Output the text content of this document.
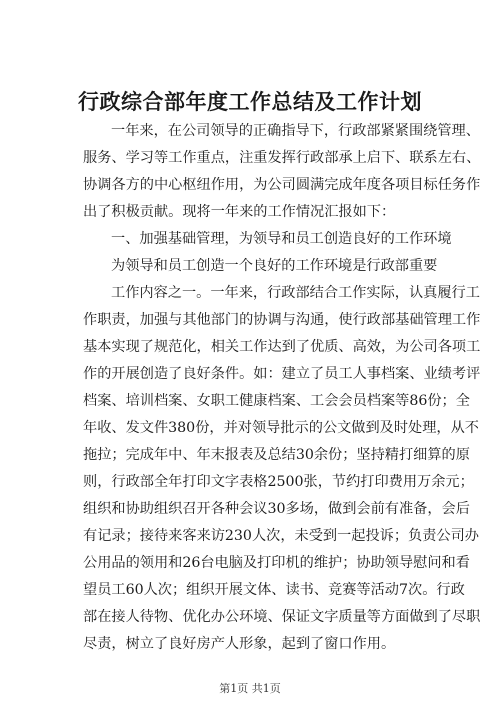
行政综合部年度工作总结及工作计划
一年来，在公司领导的正确指导下，行政部紧紧围绕管理、
服务、学习等工作重点，注重发挥行政部承上启下、联系左右、
协调各方的中心枢纽作用，为公司圆满完成年度各项目标任务作
出了积极贡献。现将一年来的工作情况汇报如下：
一、加强基础管理，为领导和员工创造良好的工作环境
为领导和员工创造一个良好的工作环境是行政部重要
工作内容之一。一年来，行政部结合工作实际，认真履行工
作职责，加强与其他部门的协调与沟通，使行政部基础管理工作
基本实现了规范化，相关工作达到了优质、高效，为公司各项工
作的开展创造了良好条件。如：建立了员工人事档案、业绩考评
档案、培训档案、女职工健康档案、工会会员档案等86份；全
年收、发文件380份，并对领导批示的公文做到及时处理，从不
拖拉；完成年中、年末报表及总结30余份；坚持精打细算的原
则，行政部全年打印文字表格2500张，节约打印费用万余元；
组织和协助组织召开各种会议30多场，做到会前有准备，会后
有记录；接待来客来访230人次，未受到一起投诉；负责公司办
公用品的领用和26台电脑及打印机的维护；协助领导慰问和看
望员工60人次；组织开展文体、读书、竞赛等活动7次。行政
部在接人待物、优化办公环境、保证文字质量等方面做到了尽职
尽责，树立了良好房产人形象，起到了窗口作用。
第1页 共1页
